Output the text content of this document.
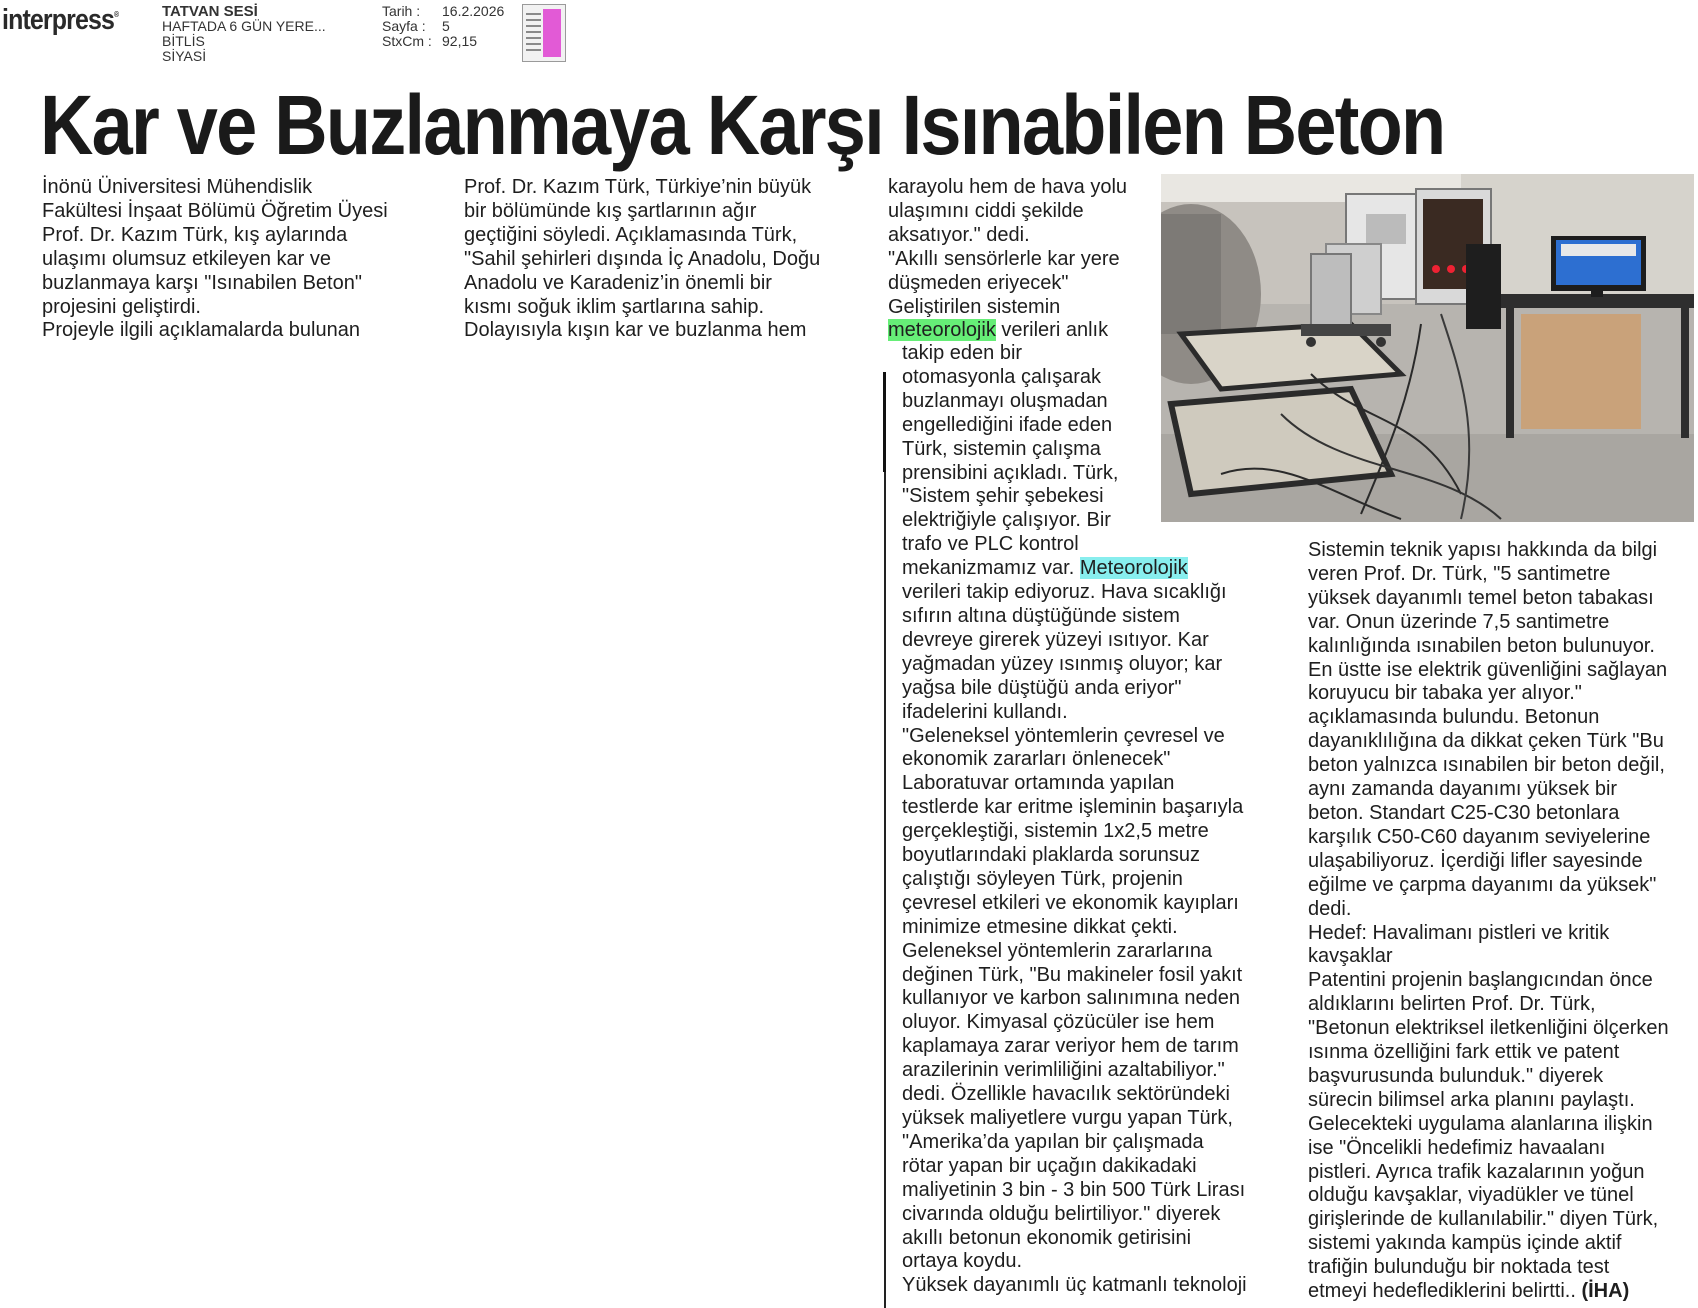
interpress®	TATVAN SESİ
HAFTADA 6 GÜN YERE...
BİTLİS
SİYASİ
Tarih :	16.2.2026
Sayfa :	5
StxCm : 92,15
Kar ve Buzlanmaya Karşı Isınabilen Beton
İnönü Üniversitesi Mühendislik
Fakültesi İnşaat Bölümü Öğretim Üyesi
Prof. Dr. Kazım Türk, kış aylarında
ulaşımı olumsuz etkileyen kar ve
buzlanmaya karşı "Isınabilen Beton"
projesini geliştirdi.
Projeyle ilgili açıklamalarda bulunan
Prof. Dr. Kazım Türk, Türkiye’nin büyük
bir bölümünde kış şartlarının ağır
geçtiğini söyledi. Açıklamasında Türk,
"Sahil şehirleri dışında İç Anadolu, Doğu
Anadolu ve Karadeniz’in önemli bir
kısmı soğuk iklim şartlarına sahip.
Dolayısıyla kışın kar ve buzlanma hem
karayolu hem de hava yolu
ulaşımını ciddi şekilde
aksatıyor." dedi.
"Akıllı sensörlerle kar yere
düşmeden eriyecek"
Geliştirilen sistemin
meteorolojik verileri anlık
takip eden bir
otomasyonla çalışarak
buzlanmayı oluşmadan
engellediğini ifade eden
Türk, sistemin çalışma
prensibini açıkladı. Türk,
"Sistem şehir şebekesi
elektriğiyle çalışıyor. Bir
trafo ve PLC kontrol
mekanizmamız var. Meteorolojik
verileri takip ediyoruz. Hava sıcaklığı
sıfırın altına düştüğünde sistem
devreye girerek yüzeyi ısıtıyor. Kar
yağmadan yüzey ısınmış oluyor; kar
yağsa bile düştüğü anda eriyor"
ifadelerini kullandı.
"Geleneksel yöntemlerin çevresel ve
ekonomik zararları önlenecek"
Laboratuvar ortamında yapılan
testlerde kar eritme işleminin başarıyla
gerçekleştiği, sistemin 1x2,5 metre
boyutlarındaki plaklarda sorunsuz
çalıştığı söyleyen Türk, projenin
çevresel etkileri ve ekonomik kayıpları
minimize etmesine dikkat çekti.
Geleneksel yöntemlerin zararlarına
değinen Türk, "Bu makineler fosil yakıt
kullanıyor ve karbon salınımına neden
oluyor. Kimyasal çözücüler ise hem
kaplamaya zarar veriyor hem de tarım
arazilerinin verimliliğini azaltabiliyor."
dedi. Özellikle havacılık sektöründeki
yüksek maliyetlere vurgu yapan Türk,
"Amerika’da yapılan bir çalışmada
rötar yapan bir uçağın dakikadaki
maliyetinin 3 bin - 3 bin 500 Türk Lirası
civarında olduğu belirtiliyor." diyerek
akıllı betonun ekonomik getirisini
ortaya koydu.
Yüksek dayanımlı üç katmanlı teknoloji
Sistemin teknik yapısı hakkında da bilgi
veren Prof. Dr. Türk, "5 santimetre
yüksek dayanımlı temel beton tabakası
var. Onun üzerinde 7,5 santimetre
kalınlığında ısınabilen beton bulunuyor.
En üstte ise elektrik güvenliğini sağlayan
koruyucu bir tabaka yer alıyor."
açıklamasında bulundu. Betonun
dayanıklılığına da dikkat çeken Türk "Bu
beton yalnızca ısınabilen bir beton değil,
aynı zamanda dayanımı yüksek bir
beton. Standart C25-C30 betonlara
karşılık C50-C60 dayanım seviyelerine
ulaşabiliyoruz. İçerdiği lifler sayesinde
eğilme ve çarpma dayanımı da yüksek"
dedi.
Hedef: Havalimanı pistleri ve kritik
kavşaklar
Patentini projenin başlangıcından önce
aldıklarını belirten Prof. Dr. Türk,
"Betonun elektriksel iletkenliğini ölçerken
ısınma özelliğini fark ettik ve patent
başvurusunda bulunduk." diyerek
sürecin bilimsel arka planını paylaştı.
Gelecekteki uygulama alanlarına ilişkin
ise "Öncelikli hedefimiz havaalanı
pistleri. Ayrıca trafik kazalarının yoğun
olduğu kavşaklar, viyadükler ve tünel
girişlerinde de kullanılabilir." diyen Türk,
sistemi yakında kampüs içinde aktif
trafiğin bulunduğu bir noktada test
etmeyi hedeflediklerini belirtti.. (İHA)
